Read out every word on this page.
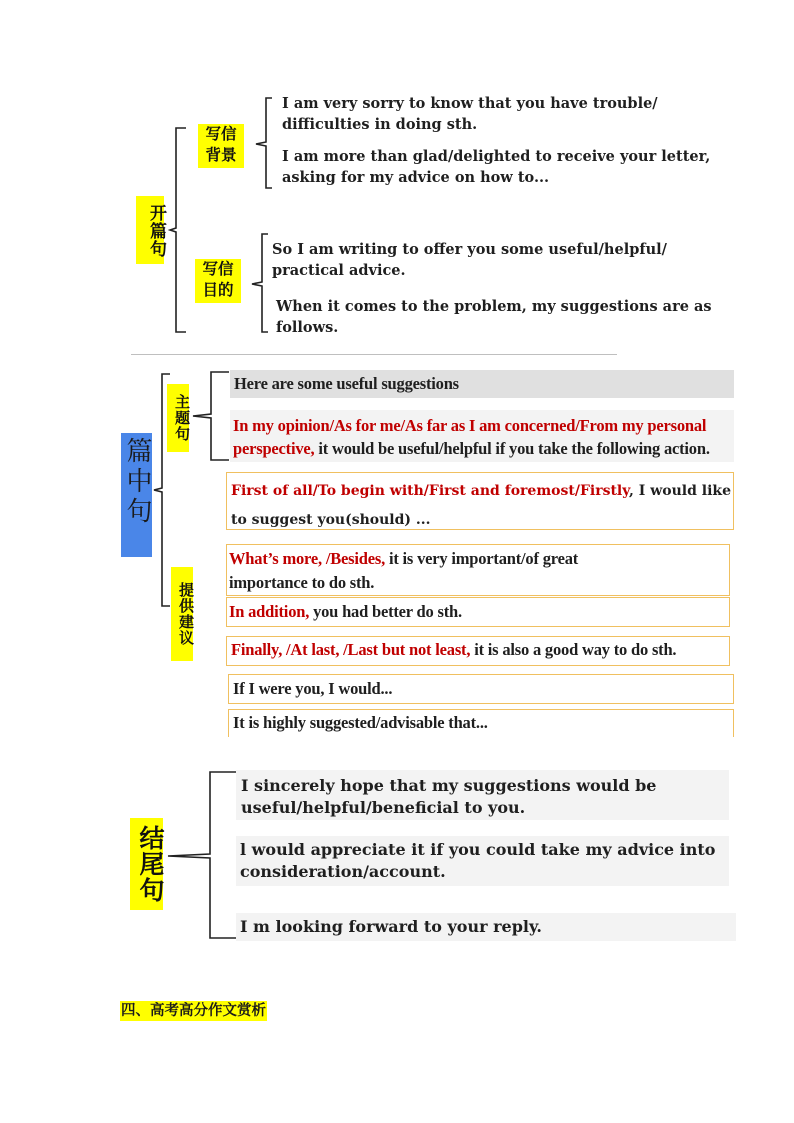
开篇句
写信背景
I am very sorry to know that you have trouble/ difficulties in doing sth.
I am more than glad/delighted to receive your letter, asking for my advice on how to...
写信目的
So I am writing to offer you some useful/helpful/ practical advice.
When it comes to the problem, my suggestions are as follows.
篇中句
主题句
Here are some useful suggestions
In my opinion/As for me/As far as I am concerned/From my personal perspective, it would be useful/helpful if you take the following action.
提供建议
First of all/To begin with/First and foremost/Firstly, I would like to suggest you(should) ...
What’s more, /Besides, it is very important/of great importance to do sth.
In addition, you had better do sth.
Finally, /At last, /Last but not least, it is also a good way to do sth.
If I were you, I would...
It is highly suggested/advisable that...
结尾句
I sincerely hope that my suggestions would be useful/helpful/beneficial to you.
l would appreciate it if you could take my advice into consideration/account.
I m looking forward to your reply.
四、高考高分作文赏析
